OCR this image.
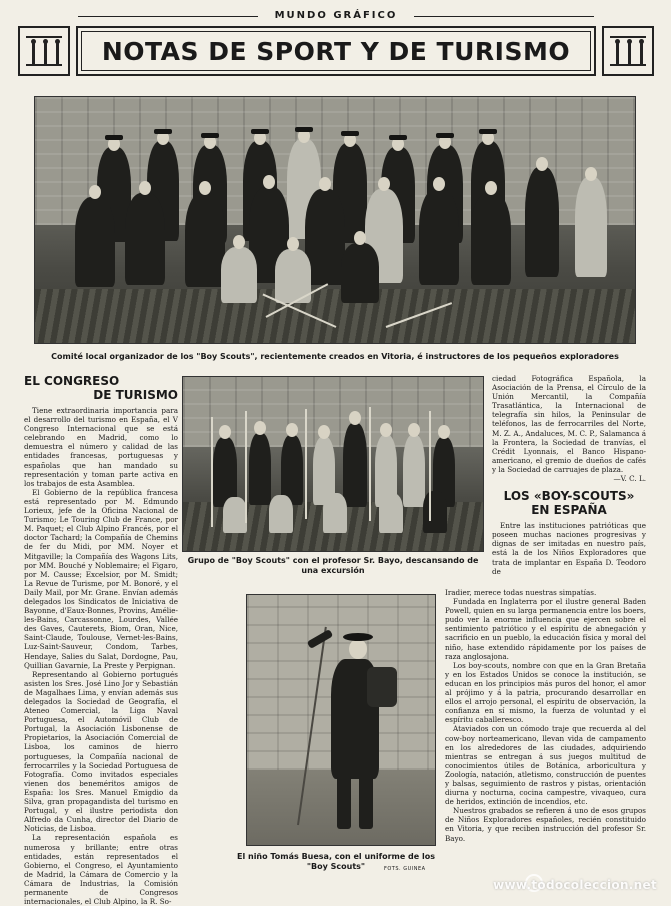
MUNDO GRÁFICO
NOTAS DE SPORT Y DE TURISMO
Comité local organizador de los "Boy Scouts", recientemente creados en Vitoria, é instructores de los pequeños exploradores
Grupo de "Boy Scouts" con el profesor Sr. Bayo, descansando de una excursión
El niño Tomás Buesa, con el uniforme de los "Boy Scouts"	FOTS. GUINEA
EL CONGRESO
DE TURISMO

Tiene extraordinaria importancia para el desarrollo del turismo en España, el V Congreso Internacional que se está celebrando en Madrid, como lo demuestra el número y calidad de las entidades francesas, portuguesas y españolas que han mandado su representación y toman parte activa en los trabajos de esta Asamblea.

El Gobierno de la república francesa está representado por M. Edmundo Lorieux, jefe de la Oficina Nacional de Turismo; Le Touring Club de France, por M. Paquet; el Club Alpino Francés, por el doctor Tachard; la Compañía de Chemins de fer du Midi, por MM. Noyer et Mitgaville; la Compañía des Wagons Lits, por MM. Bouché y Noblemaire; el Figaro, por M. Causse; Excelsior, por M. Smidt; La Revue de Turisme, por M. Bonoré, y el Daily Mail, por Mr. Grane. Envían además delegados los Sindicatos de Iniciativa de Bayonne, d'Eaux-Bonnes, Provins, Amélie-les-Bains, Carcassonne, Lourdes, Vallée des Gaves, Cauterets, Biom, Oran, Nice, Saint-Claude, Toulouse, Vernet-les-Bains, Luz-Saint-Sauveur, Condom, Tarbes, Hendaye, Salies du Salat, Dordogne, Pau, Quillian Gavarnie, La Preste y Perpignan.

Representando al Gobierno portugués asisten los Sres. José Lino Jor y Sebastián de Magalhaes Lima, y envían además sus delegados la Sociedad de Geografía, el Ateneo Comercial, la Liga Naval Portuguesa, el Automóvil Club de Portugal, la Asociación Lisbonense de Propietarios, la Asociación Comercial de Lisboa, los caminos de hierro portugueses, la Compañía nacional de ferrocarriles y la Sociedad Portuguesa de Fotografía. Como invitados especiales vienen dos beneméritos amigos de España: los Sres. Manuel Emigdio da Silva, gran propagandista del turismo en Portugal, y el ilustre periodista don Alfredo da Cunha, director del Diario de Noticias, de Lisboa.

La representación española es numerosa y brillante; entre otras entidades, están representados el Gobierno, el Congreso, el Ayuntamiento de Madrid, la Cámara de Comercio y la Cámara de Industrias, la Comisión permanente de Congresos internacionales, el Club Alpino, la R. So-

ciedad Fotográfica Española, la Asociación de la Prensa, el Círculo de la Unión Mercantil, la Compañía Trasatlántica, la Internacional de telegrafía sin hilos, la Peninsular de teléfonos, las de ferrocarriles del Norte, M. Z. A., Andaluces, M. C. P., Salamanca á la Frontera, la Sociedad de tranvías, el Crédit Lyonnais, el Banco Hispano-americano, el gremio de dueños de cafés y la Sociedad de carruajes de plaza.

—V. C. L.
LOS «BOY-SCOUTS»
EN ESPAÑA

Entre las instituciones patrióticas que poseen muchas naciones progresivas y dignas de ser imitadas en nuestro país, está la de los Niños Exploradores que trata de implantar en España D. Teodoro de

Iradier, merece todas nuestras simpatías.

Fundada en Inglaterra por el ilustre general Baden Powell, quien en su larga permanencia entre los boers, pudo ver la enorme influencia que ejercen sobre el sentimiento patriótico y el espíritu de abnegación y sacrificio en un pueblo, la educación física y moral del niño, hase extendido rápidamente por los países de raza anglosajona.

Los boy-scouts, nombre con que en la Gran Bretaña y en los Estados Unidos se conoce la institución, se educan en los principios más puros del honor, el amor al prójimo y á la patria, procurando desarrollar en ellos el arrojo personal, el espíritu de observación, la confianza en sí mismo, la fuerza de voluntad y el espíritu caballeresco.

Ataviados con un cómodo traje que recuerda al del cow-boy norteamericano, llevan vida de campamento en los alrededores de las ciudades, adquiriendo mientras se entregan á sus juegos multitud de conocimientos útiles de Botánica, arboricultura y Zoología, natación, atletismo, construcción de puentes y balsas, seguimiento de rastros y pistas, orientación diurna y nocturna, cocina campestre, vivaqueo, cura de heridos, extinción de incendios, etc.

Nuestros grabados se refieren á uno de esos grupos de Niños Exploradores españoles, recién constituido en Vitoria, y que reciben instrucción del profesor Sr. Bayo.

www.todocoleccion.net
